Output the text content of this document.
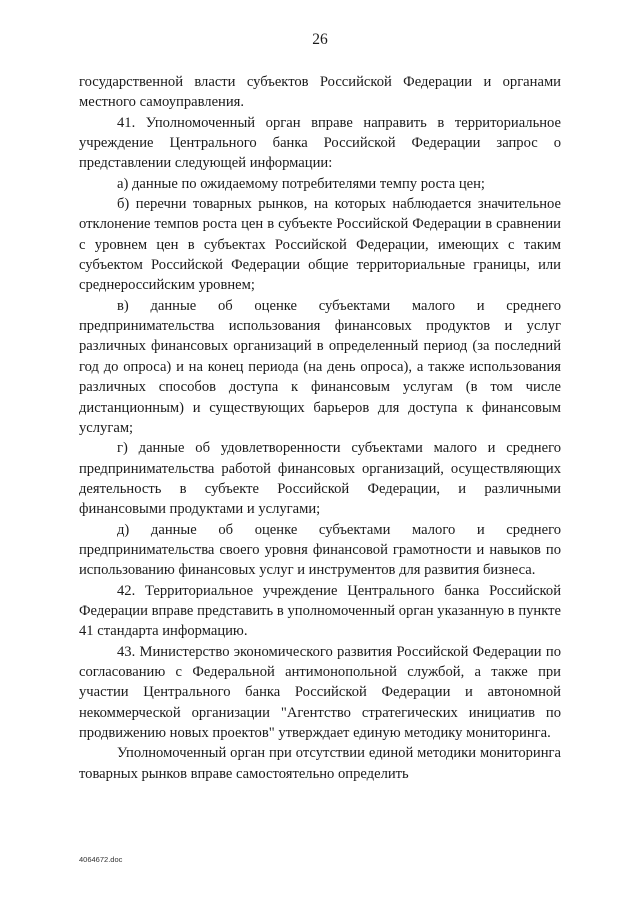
26

государственной власти субъектов Российской Федерации и органами местного самоуправления.

41. Уполномоченный орган вправе направить в территориальное учреждение Центрального банка Российской Федерации запрос о представлении следующей информации:

а) данные по ожидаемому потребителями темпу роста цен;

б) перечни товарных рынков, на которых наблюдается значительное отклонение темпов роста цен в субъекте Российской Федерации в сравнении с уровнем цен в субъектах Российской Федерации, имеющих с таким субъектом Российской Федерации общие территориальные границы, или среднероссийским уровнем;

в) данные об оценке субъектами малого и среднего предпринимательства использования финансовых продуктов и услуг различных финансовых организаций в определенный период (за последний год до опроса) и на конец периода (на день опроса), а также использования различных способов доступа к финансовым услугам (в том числе дистанционным) и существующих барьеров для доступа к финансовым услугам;

г) данные об удовлетворенности субъектами малого и среднего предпринимательства работой финансовых организаций, осуществляющих деятельность в субъекте Российской Федерации, и различными финансовыми продуктами и услугами;

д) данные об оценке субъектами малого и среднего предпринимательства своего уровня финансовой грамотности и навыков по использованию финансовых услуг и инструментов для развития бизнеса.

42. Территориальное учреждение Центрального банка Российской Федерации вправе представить в уполномоченный орган указанную в пункте 41 стандарта информацию.

43. Министерство экономического развития Российской Федерации по согласованию с Федеральной антимонопольной службой, а также при участии Центрального банка Российской Федерации и автономной некоммерческой организации "Агентство стратегических инициатив по продвижению новых проектов" утверждает единую методику мониторинга.

Уполномоченный орган при отсутствии единой методики мониторинга товарных рынков вправе самостоятельно определить

4064672.doc
